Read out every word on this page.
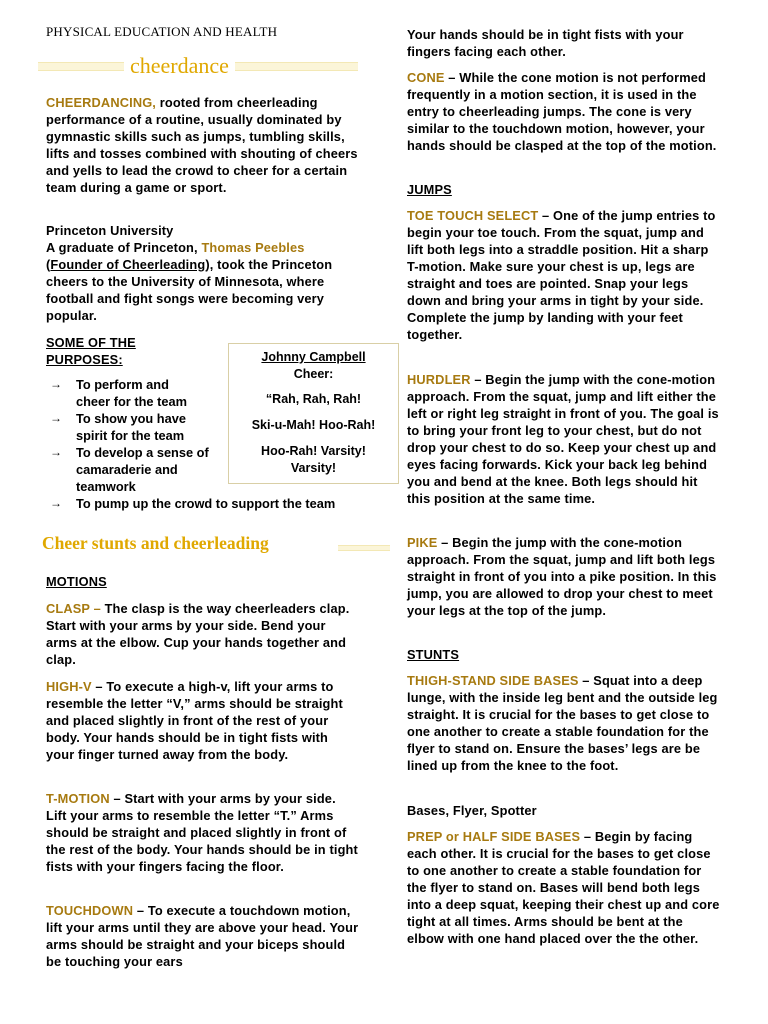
PHYSICAL EDUCATION AND HEALTH
cheerdance
CHEERDANCING, rooted from cheerleading performance of a routine, usually dominated by gymnastic skills such as jumps, tumbling skills, lifts and tosses combined with shouting of cheers and yells to lead the crowd to cheer for a certain team during a game or sport.
Princeton University
A graduate of Princeton, Thomas Peebles (Founder of Cheerleading), took the Princeton cheers to the University of Minnesota, where football and fight songs were becoming very popular.
SOME OF THE
PURPOSES:
→	To perform and cheer for the team
→	To show you have spirit for the team
→	To develop a sense of camaraderie and teamwork
→	To pump up the crowd to support the team
Johnny Campbell
Cheer:
“Rah, Rah, Rah!
Ski-u-Mah! Hoo-Rah!
Hoo-Rah! Varsity!
Varsity!
Cheer stunts and cheerleading
MOTIONS
CLASP – The clasp is the way cheerleaders clap. Start with your arms by your side. Bend your arms at the elbow. Cup your hands together and clap.
HIGH-V – To execute a high-v, lift your arms to resemble the letter “V,” arms should be straight and placed slightly in front of the rest of your body. Your hands should be in tight fists with your finger turned away from the body.
T-MOTION – Start with your arms by your side. Lift your arms to resemble the letter “T.” Arms should be straight and placed slightly in front of the rest of the body. Your hands should be in tight fists with your fingers facing the floor.
TOUCHDOWN – To execute a touchdown motion, lift your arms until they are above your head. Your arms should be straight and your biceps should be touching your ears
Your hands should be in tight fists with your fingers facing each other.
CONE – While the cone motion is not performed frequently in a motion section, it is used in the entry to cheerleading jumps. The cone is very similar to the touchdown motion, however, your hands should be clasped at the top of the motion.
JUMPS
TOE TOUCH SELECT – One of the jump entries to begin your toe touch. From the squat, jump and lift both legs into a straddle position. Hit a sharp T-motion. Make sure your chest is up, legs are straight and toes are pointed. Snap your legs down and bring your arms in tight by your side. Complete the jump by landing with your feet together.
HURDLER – Begin the jump with the cone-motion approach. From the squat, jump and lift either the left or right leg straight in front of you. The goal is to bring your front leg to your chest, but do not drop your chest to do so. Keep your chest up and eyes facing forwards. Kick your back leg behind you and bend at the knee. Both legs should hit this position at the same time.
PIKE – Begin the jump with the cone-motion approach. From the squat, jump and lift both legs straight in front of you into a pike position. In this jump, you are allowed to drop your chest to meet your legs at the top of the jump.
STUNTS
THIGH-STAND SIDE BASES – Squat into a deep lunge, with the inside leg bent and the outside leg straight. It is crucial for the bases to get close to one another to create a stable foundation for the flyer to stand on. Ensure the bases’ legs are be lined up from the knee to the foot.
Bases, Flyer, Spotter
PREP or HALF SIDE BASES – Begin by facing each other. It is crucial for the bases to get close to one another to create a stable foundation for the flyer to stand on. Bases will bend both legs into a deep squat, keeping their chest up and core tight at all times. Arms should be bent at the elbow with one hand placed over the the other.
